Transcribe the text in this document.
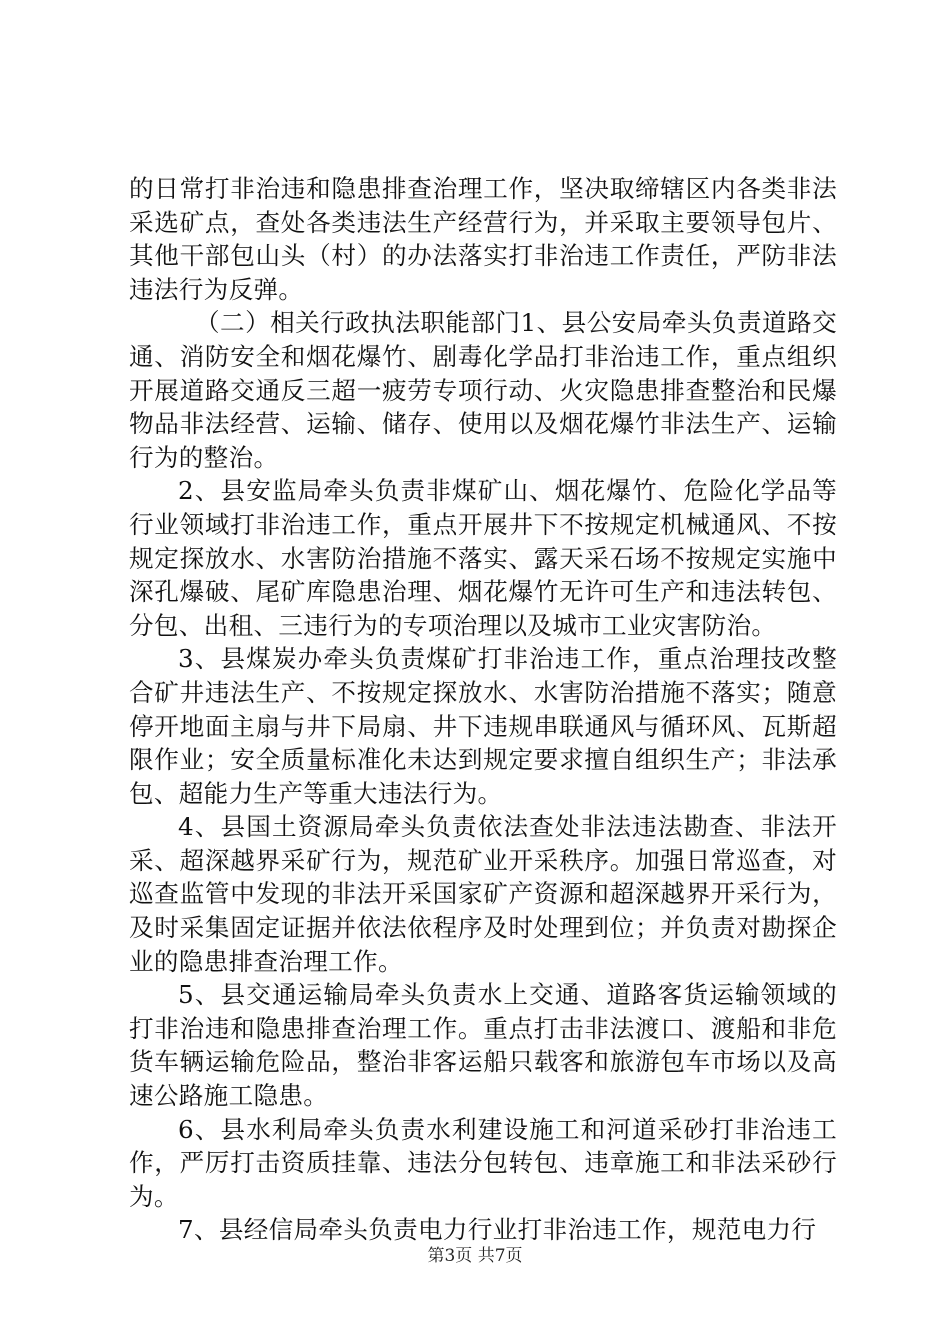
的日常打非治违和隐患排查治理工作，坚决取缔辖区内各类非法采选矿点，查处各类违法生产经营行为，并采取主要领导包片、其他干部包山头（村）的办法落实打非治违工作责任，严防非法违法行为反弹。

（二）相关行政执法职能部门1、县公安局牵头负责道路交通、消防安全和烟花爆竹、剧毒化学品打非治违工作，重点组织开展道路交通反三超一疲劳专项行动、火灾隐患排查整治和民爆物品非法经营、运输、储存、使用以及烟花爆竹非法生产、运输行为的整治。

2、县安监局牵头负责非煤矿山、烟花爆竹、危险化学品等行业领域打非治违工作，重点开展井下不按规定机械通风、不按规定探放水、水害防治措施不落实、露天采石场不按规定实施中深孔爆破、尾矿库隐患治理、烟花爆竹无许可生产和违法转包、分包、出租、三违行为的专项治理以及城市工业灾害防治。

3、县煤炭办牵头负责煤矿打非治违工作，重点治理技改整合矿井违法生产、不按规定探放水、水害防治措施不落实；随意停开地面主扇与井下局扇、井下违规串联通风与循环风、瓦斯超限作业；安全质量标准化未达到规定要求擅自组织生产；非法承包、超能力生产等重大违法行为。

4、县国土资源局牵头负责依法查处非法违法勘查、非法开采、超深越界采矿行为，规范矿业开采秩序。加强日常巡查，对巡查监管中发现的非法开采国家矿产资源和超深越界开采行为，及时采集固定证据并依法依程序及时处理到位；并负责对勘探企业的隐患排查治理工作。

5、县交通运输局牵头负责水上交通、道路客货运输领域的打非治违和隐患排查治理工作。重点打击非法渡口、渡船和非危货车辆运输危险品，整治非客运船只载客和旅游包车市场以及高速公路施工隐患。

6、县水利局牵头负责水利建设施工和河道采砂打非治违工作，严厉打击资质挂靠、违法分包转包、违章施工和非法采砂行为。

7、县经信局牵头负责电力行业打非治违工作，规范电力行

第3页 共7页
